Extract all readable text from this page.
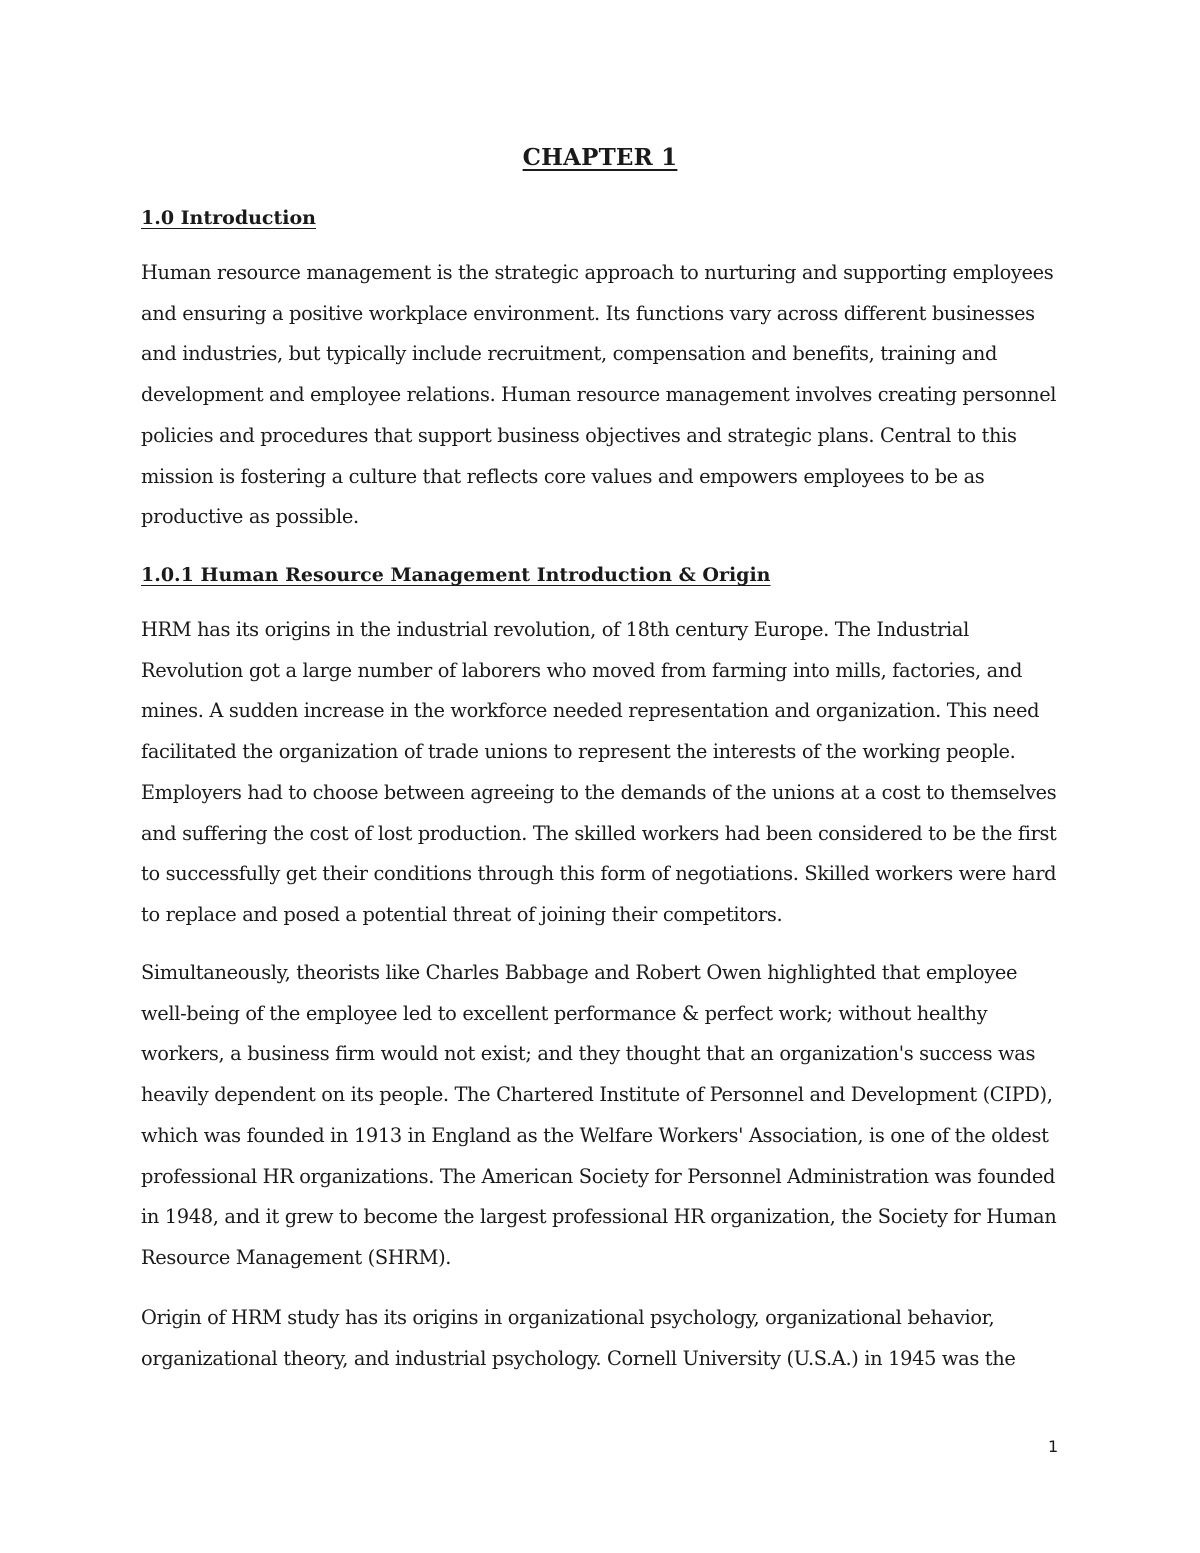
CHAPTER 1
1.0 Introduction
Human resource management is the strategic approach to nurturing and supporting employees
and ensuring a positive workplace environment. Its functions vary across different businesses
and industries, but typically include recruitment, compensation and benefits, training and
development and employee relations. Human resource management involves creating personnel
policies and procedures that support business objectives and strategic plans. Central to this
mission is fostering a culture that reflects core values and empowers employees to be as
productive as possible.
1.0.1 Human Resource Management Introduction & Origin
HRM has its origins in the industrial revolution, of 18th century Europe. The Industrial
Revolution got a large number of laborers who moved from farming into mills, factories, and
mines. A sudden increase in the workforce needed representation and organization. This need
facilitated the organization of trade unions to represent the interests of the working people.
Employers had to choose between agreeing to the demands of the unions at a cost to themselves
and suffering the cost of lost production. The skilled workers had been considered to be the first
to successfully get their conditions through this form of negotiations. Skilled workers were hard
to replace and posed a potential threat of joining their competitors.
Simultaneously, theorists like Charles Babbage and Robert Owen highlighted that employee
well-being of the employee led to excellent performance & perfect work; without healthy
workers, a business firm would not exist; and they thought that an organization's success was
heavily dependent on its people. The Chartered Institute of Personnel and Development (CIPD),
which was founded in 1913 in England as the Welfare Workers' Association, is one of the oldest
professional HR organizations. The American Society for Personnel Administration was founded
in 1948, and it grew to become the largest professional HR organization, the Society for Human
Resource Management (SHRM).
Origin of HRM study has its origins in organizational psychology, organizational behavior,
organizational theory, and industrial psychology. Cornell University (U.S.A.) in 1945 was the
1
